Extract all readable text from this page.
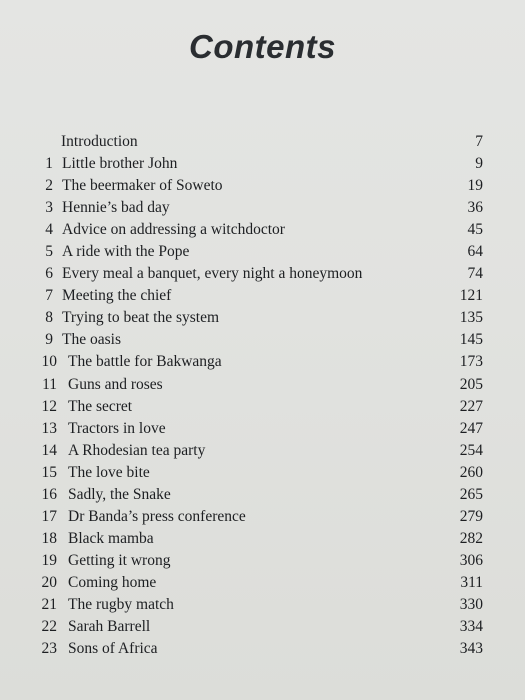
Contents
Introduction	7
1 Little brother John	9
2 The beermaker of Soweto	19
3 Hennie’s bad day	36
4 Advice on addressing a witchdoctor	45
5 A ride with the Pope	64
6 Every meal a banquet, every night a honeymoon	74
7 Meeting the chief	121
8 Trying to beat the system	135
9 The oasis	145
10 The battle for Bakwanga	173
11 Guns and roses	205
12 The secret	227
13 Tractors in love	247
14 A Rhodesian tea party	254
15 The love bite	260
16 Sadly, the Snake	265
17 Dr Banda’s press conference	279
18 Black mamba	282
19 Getting it wrong	306
20 Coming home	311
21 The rugby match	330
22 Sarah Barrell	334
23 Sons of Africa	343
